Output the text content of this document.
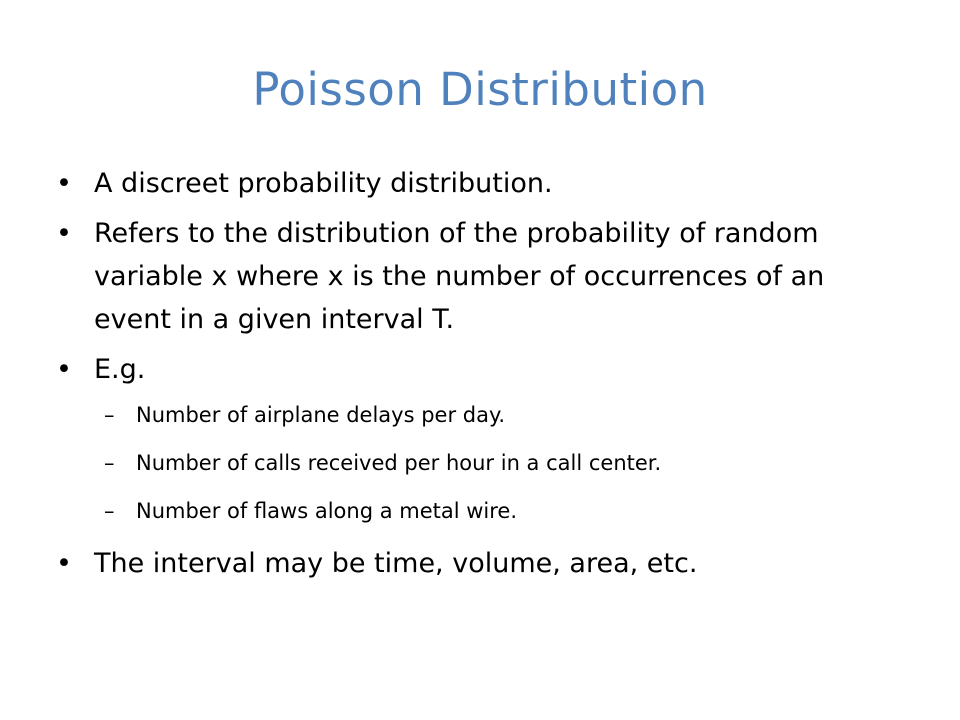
Poisson Distribution
• A discreet probability distribution.
• Refers to the distribution of the probability of random variable x where x is the number of occurrences of an event in a given interval T.
• E.g.
– Number of airplane delays per day.
– Number of calls received per hour in a call center.
– Number of flaws along a metal wire.
• The interval may be time, volume, area, etc.
